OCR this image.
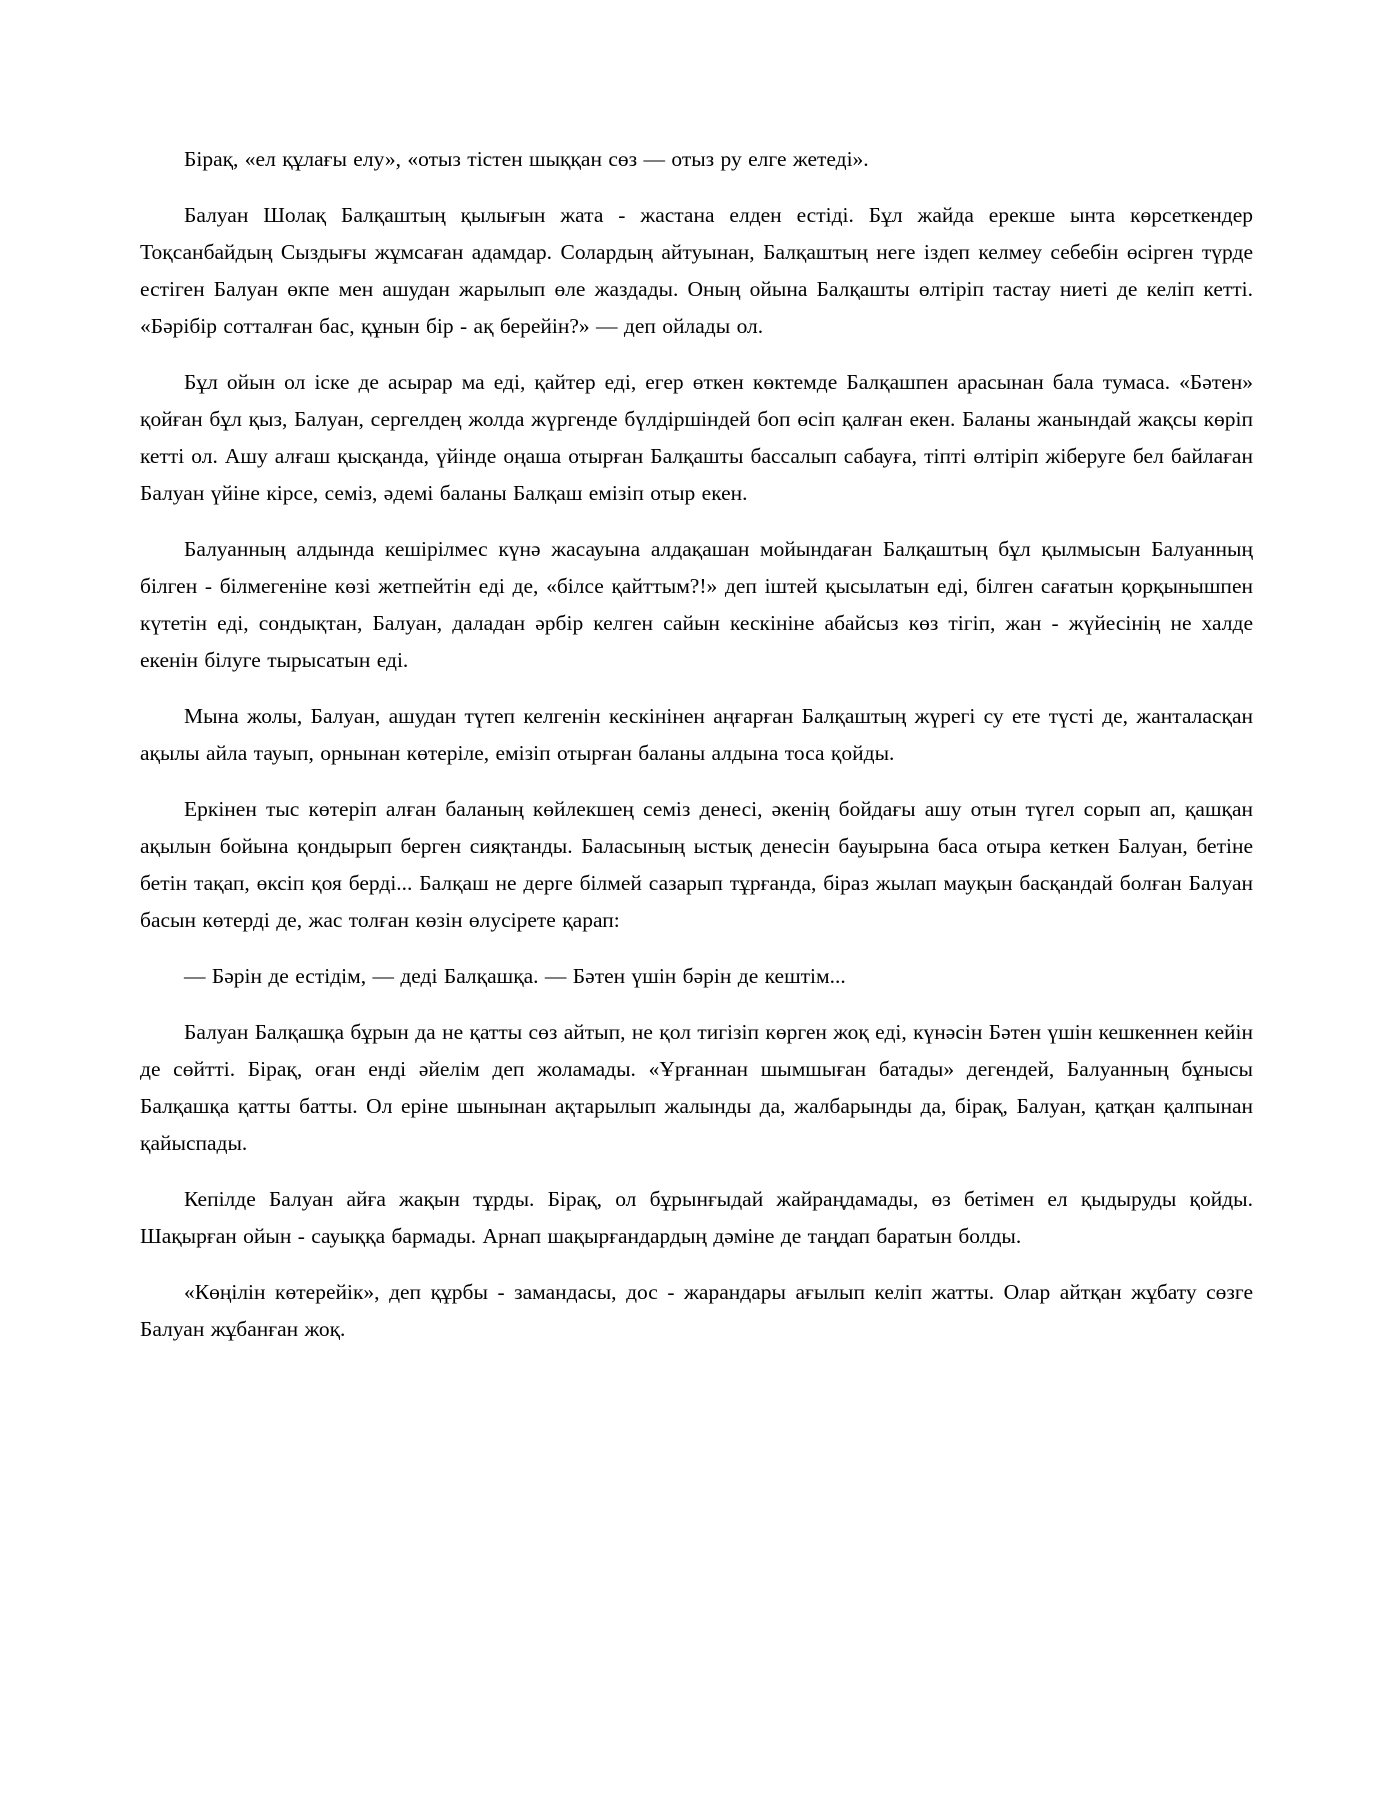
Бірақ, «ел құлағы елу», «отыз тістен шыққан сөз — отыз ру елге жетеді».

Балуан Шолақ Балқаштың қылығын жата - жастана елден естіді. Бұл жайда ерекше ынта көрсеткендер Тоқсанбайдың Сыздығы жұмсаған адамдар. Солардың айтуынан, Балқаштың неге іздеп келмеу себебін өсірген түрде естіген Балуан өкпе мен ашудан жарылып өле жаздады. Оның ойына Балқашты өлтіріп тастау ниеті де келіп кетті. «Бәрібір сотталған бас, құнын бір - ақ берейін?» — деп ойлады ол.

Бұл ойын ол іске де асырар ма еді, қайтер еді, егер өткен көктемде Балқашпен арасынан бала тумаса. «Бәтен» қойған бұл қыз, Балуан, сергелдең жолда жүргенде бүлдіршіндей боп өсіп қалған екен. Баланы жанындай жақсы көріп кетті ол. Ашу алғаш қысқанда, үйінде оңаша отырған Балқашты бассалып сабауға, тіпті өлтіріп жіберуге бел байлаған Балуан үйіне кірсе, семіз, әдемі баланы Балқаш емізіп отыр екен.

Балуанның алдында кешірілмес күнә жасауына алдақашан мойындаған Балқаштың бұл қылмысын Балуанның білген - білмегеніне көзі жетпейтін еді де, «білсе қайттым?!» деп іштей қысылатын еді, білген сағатын қорқынышпен күтетін еді, сондықтан, Балуан, даладан әрбір келген сайын кескініне абайсыз көз тігіп, жан - жүйесінің не халде екенін білуге тырысатын еді.

Мына жолы, Балуан, ашудан түтеп келгенін кескінінен аңғарған Балқаштың жүрегі су ете түсті де, жанталасқан ақылы айла тауып, орнынан көтеріле, емізіп отырған баланы алдына тоса қойды.

Еркінен тыс көтеріп алған баланың көйлекшең семіз денесі, әкенің бойдағы ашу отын түгел сорып ап, қашқан ақылын бойына қондырып берген сияқтанды. Баласының ыстық денесін бауырына баса отыра кеткен Балуан, бетіне бетін тақап, өксіп қоя берді... Балқаш не дерге білмей сазарып тұрғанда, біраз жылап мауқын басқандай болған Балуан басын көтерді де, жас толған көзін өлусірете қарап:

— Бәрін де естідім, — деді Балқашқа. — Бәтен үшін бәрін де кештім...

Балуан Балқашқа бұрын да не қатты сөз айтып, не қол тигізіп көрген жоқ еді, күнәсін Бәтен үшін кешкеннен кейін де сөйтті. Бірақ, оған енді әйелім деп жоламады. «Ұрғаннан шымшыған батады» дегендей, Балуанның бұнысы Балқашқа қатты батты. Ол еріне шынынан ақтарылып жалынды да, жалбарынды да, бірақ, Балуан, қатқан қалпынан қайыспады.

Кепілде Балуан айға жақын тұрды. Бірақ, ол бұрынғыдай жайраңдамады, өз бетімен ел қыдыруды қойды. Шақырған ойын - сауыққа бармады. Арнап шақырғандардың дәміне де таңдап баратын болды.

«Көңілін көтерейік», деп құрбы - замандасы, дос - жарандары ағылып келіп жатты. Олар айтқан жұбату сөзге Балуан жұбанған жоқ.
